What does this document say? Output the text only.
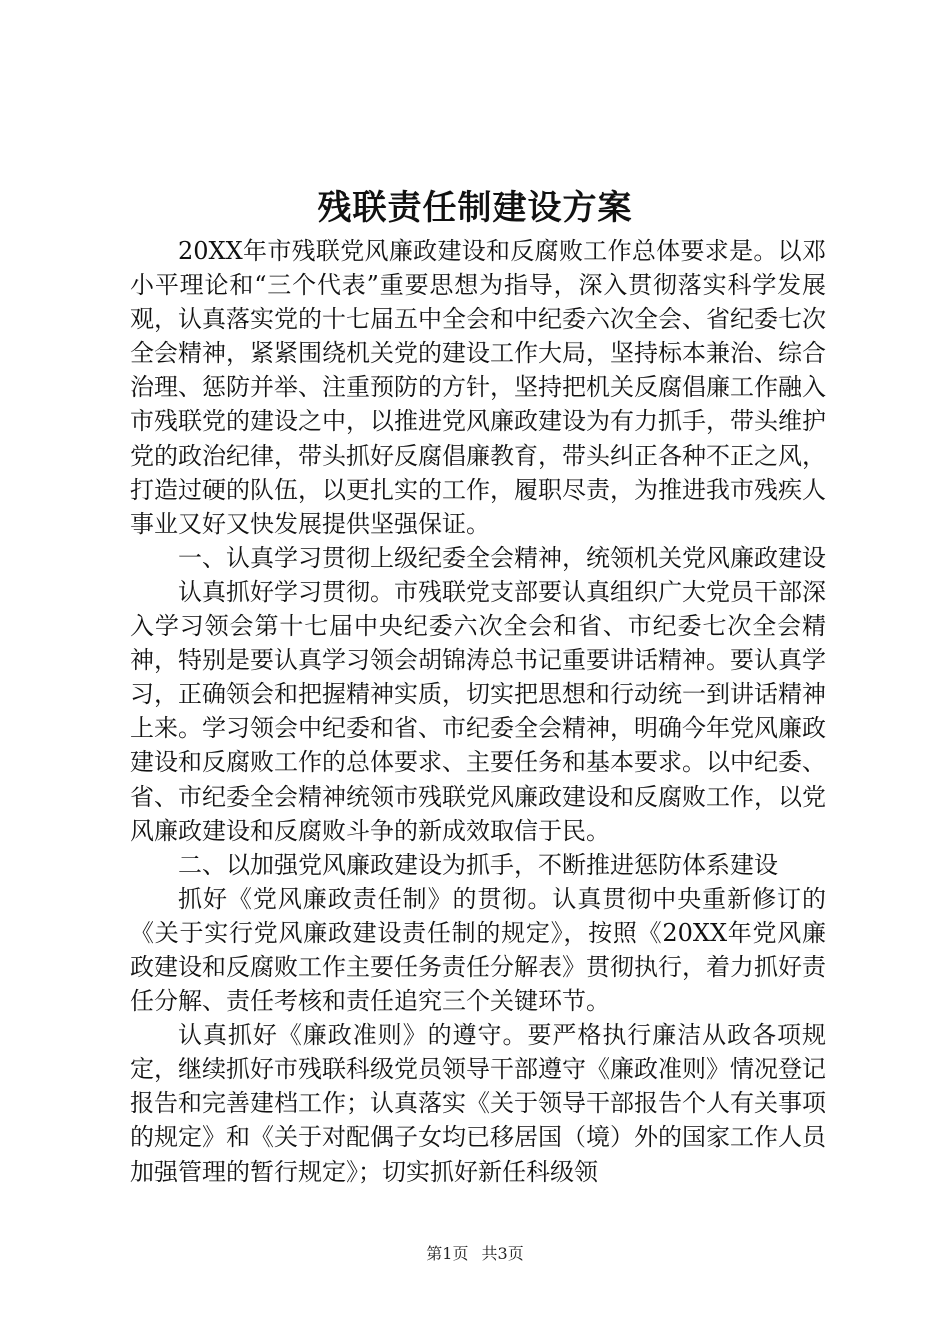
残联责任制建设方案

20XX年市残联党风廉政建设和反腐败工作总体要求是。以邓小平理论和“三个代表”重要思想为指导，深入贯彻落实科学发展观，认真落实党的十七届五中全会和中纪委六次全会、省纪委七次全会精神，紧紧围绕机关党的建设工作大局，坚持标本兼治、综合治理、惩防并举、注重预防的方针，坚持把机关反腐倡廉工作融入市残联党的建设之中，以推进党风廉政建设为有力抓手，带头维护党的政治纪律，带头抓好反腐倡廉教育，带头纠正各种不正之风，打造过硬的队伍，以更扎实的工作，履职尽责，为推进我市残疾人事业又好又快发展提供坚强保证。

一、认真学习贯彻上级纪委全会精神，统领机关党风廉政建设

认真抓好学习贯彻。市残联党支部要认真组织广大党员干部深入学习领会第十七届中央纪委六次全会和省、市纪委七次全会精神，特别是要认真学习领会胡锦涛总书记重要讲话精神。要认真学习，正确领会和把握精神实质，切实把思想和行动统一到讲话精神上来。学习领会中纪委和省、市纪委全会精神，明确今年党风廉政建设和反腐败工作的总体要求、主要任务和基本要求。以中纪委、省、市纪委全会精神统领市残联党风廉政建设和反腐败工作，以党风廉政建设和反腐败斗争的新成效取信于民。

二、以加强党风廉政建设为抓手，不断推进惩防体系建设

抓好《党风廉政责任制》的贯彻。认真贯彻中央重新修订的《关于实行党风廉政建设责任制的规定》，按照《20XX年党风廉政建设和反腐败工作主要任务责任分解表》贯彻执行，着力抓好责任分解、责任考核和责任追究三个关键环节。

认真抓好《廉政准则》的遵守。要严格执行廉洁从政各项规定，继续抓好市残联科级党员领导干部遵守《廉政准则》情况登记报告和完善建档工作；认真落实《关于领导干部报告个人有关事项的规定》和《关于对配偶子女均已移居国（境）外的国家工作人员加强管理的暂行规定》；切实抓好新任科级领

第1页 共3页
